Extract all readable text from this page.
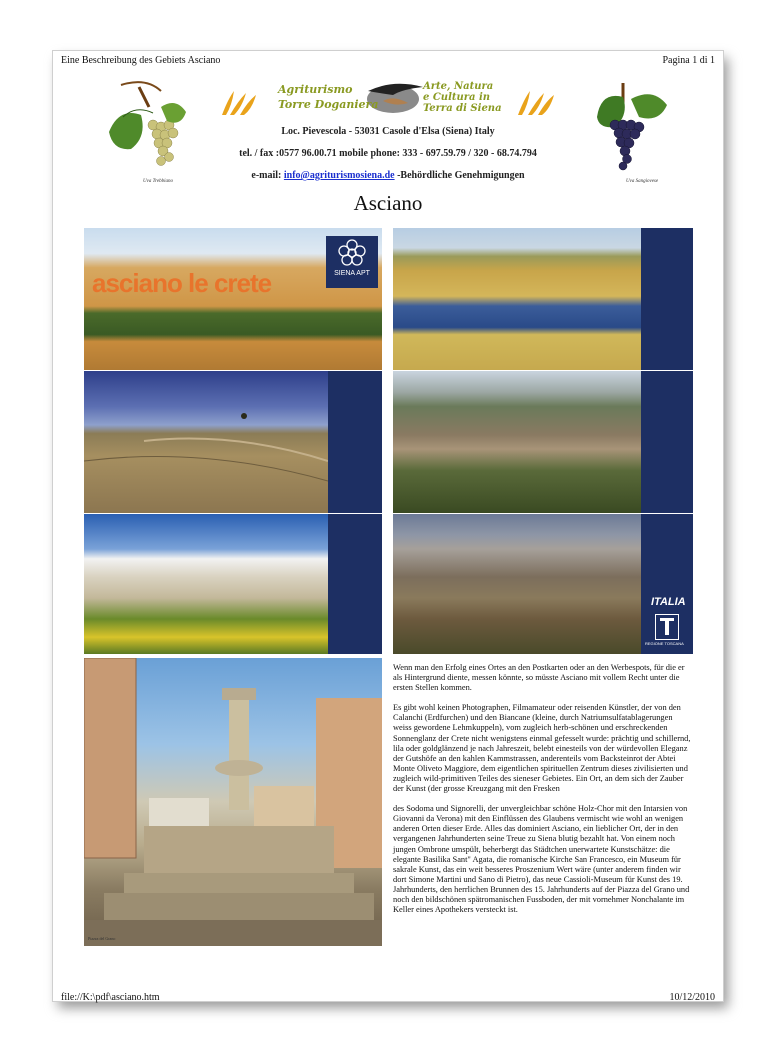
Eine Beschreibung des Gebiets Asciano	Pagina 1 di 1
Uva Trebbiano
Agriturismo
Torre Doganiera
Arte, Natura
e Cultura in
Terra di Siena
Uva Sangiovese
Loc. Pievescola - 53031 Casole d'Elsa (Siena) Italy
tel. / fax :0577 96.00.71 mobile phone: 333 - 697.59.79 / 320 - 68.74.794
e-mail: info@agriturismosiena.de -Behördliche Genehmigungen
Asciano
asciano le crete	SIENA APT
ITALIA
REGIONE TOSCANA
Piazza del Grano

Wenn man den Erfolg eines Ortes an den Postkarten oder an den Werbespots, für die er als Hintergrund diente, messen könnte, so müsste Asciano mit vollem Recht unter die ersten Stellen kommen.

Es gibt wohl keinen Photographen, Filmamateur oder reisenden Künstler, der von den Calanchi (Erdfurchen) und den Biancane (kleine, durch Natriumsulfatablagerungen weiss gewordene Lehmkuppeln), vom zugleich herb-schönen und erschreckenden Sonnenglanz der Crete nicht wenigstens einmal gefesselt wurde: prächtig und schillernd, lila oder goldglänzend je nach Jahreszeit, belebt einesteils von der würdevollen Eleganz der Gutshöfe an den kahlen Kammstrassen, anderenteils vom Backsteinrot der Abtei Monte Oliveto Maggiore, dem eigentlichen spirituellen Zentrum dieses zivilisierten und zugleich wild-primitiven Teiles des sieneser Gebietes. Ein Ort, an dem sich der Zauber der Kunst (der grosse Kreuzgang mit den Fresken

des Sodoma und Signorelli, der unvergleichbar schöne Holz-Chor mit den Intarsien von Giovanni da Verona) mit den Einflüssen des Glaubens vermischt wie wohl an wenigen anderen Orten dieser Erde. Alles das dominiert Asciano, ein lieblicher Ort, der in den vergangenen Jahrhunderten seine Treue zu Siena blutig bezahlt hat. Von einem noch jungen Ombrone umspült, beherbergt das Städtchen unerwartete Kunstschätze: die elegante Basilika Sant" Agata, die romanische Kirche San Francesco, ein Museum für sakrale Kunst, das ein weit besseres Proszenium Wert wäre (unter anderem finden wir dort Simone Martini und Sano di Pietro), das neue Cassioli-Museum für Kunst des 19. Jahrhunderts, den herrlichen Brunnen des 15. Jahrhunderts auf der Piazza del Grano und noch den bildschönen spätromanischen Fussboden, der mit vornehmer Nonchalante im Keller eines Apothekers versteckt ist.

file://K:\pdf\asciano.htm	10/12/2010
